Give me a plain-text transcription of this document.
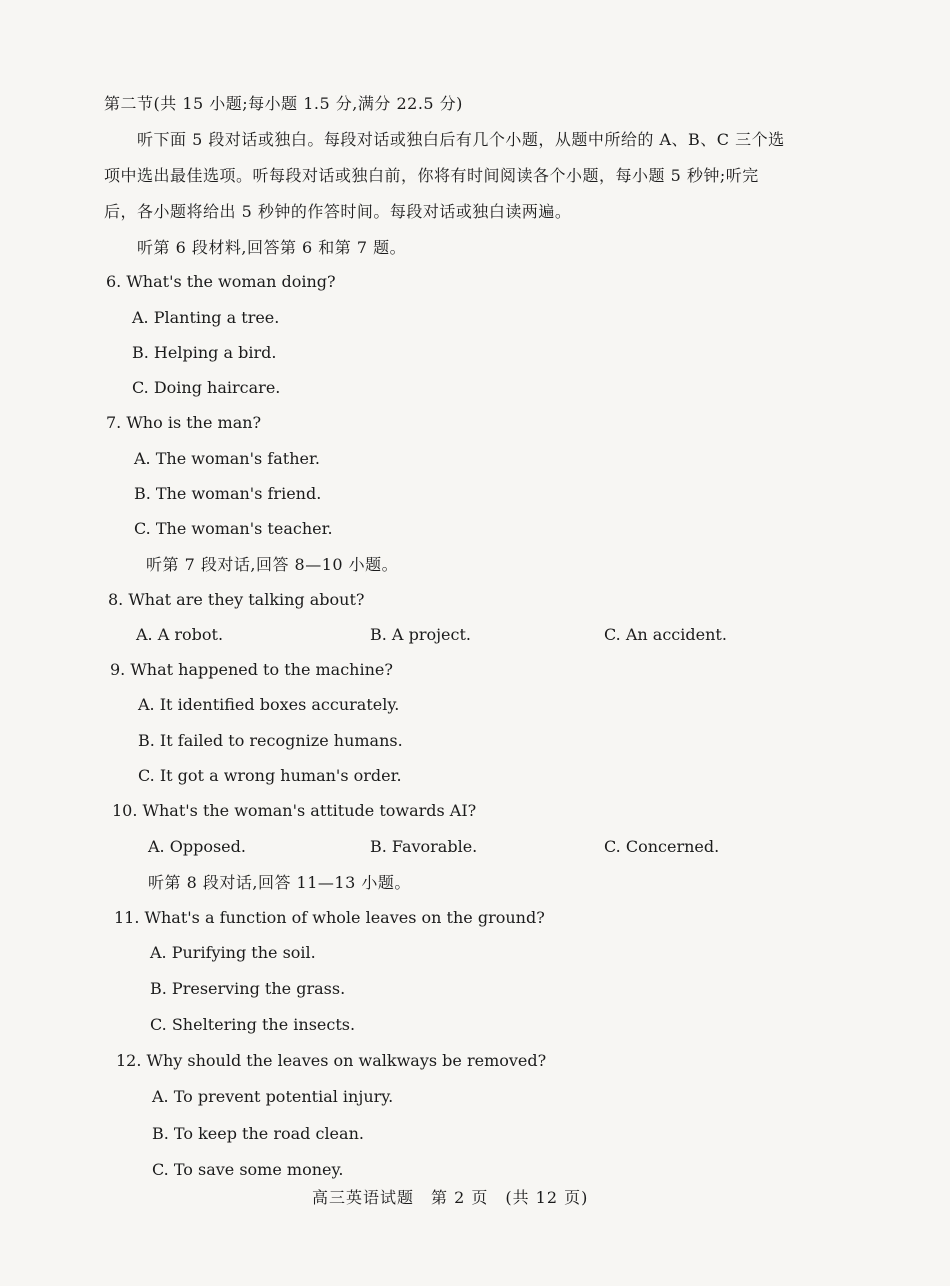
第二节(共 15 小题;每小题 1.5 分,满分 22.5 分)
听下面 5 段对话或独白。每段对话或独白后有几个小题，从题中所给的 A、B、C 三个选
项中选出最佳选项。听每段对话或独白前，你将有时间阅读各个小题，每小题 5 秒钟;听完
后，各小题将给出 5 秒钟的作答时间。每段对话或独白读两遍。
听第 6 段材料,回答第 6 和第 7 题。
6. What's the woman doing?
A. Planting a tree.
B. Helping a bird.
C. Doing haircare.
7. Who is the man?
A. The woman's father.
B. The woman's friend.
C. The woman's teacher.
听第 7 段对话,回答 8—10 小题。
8. What are they talking about?
A. A robot.	B. A project.	C. An accident.
9. What happened to the machine?
A. It identified boxes accurately.
B. It failed to recognize humans.
C. It got a wrong human's order.
10. What's the woman's attitude towards AI?
A. Opposed.	B. Favorable.	C. Concerned.
听第 8 段对话,回答 11—13 小题。
11. What's a function of whole leaves on the ground?
A. Purifying the soil.
B. Preserving the grass.
C. Sheltering the insects.
12. Why should the leaves on walkways be removed?
A. To prevent potential injury.
B. To keep the road clean.
C. To save some money.
高三英语试题　第 2 页　(共 12 页)
